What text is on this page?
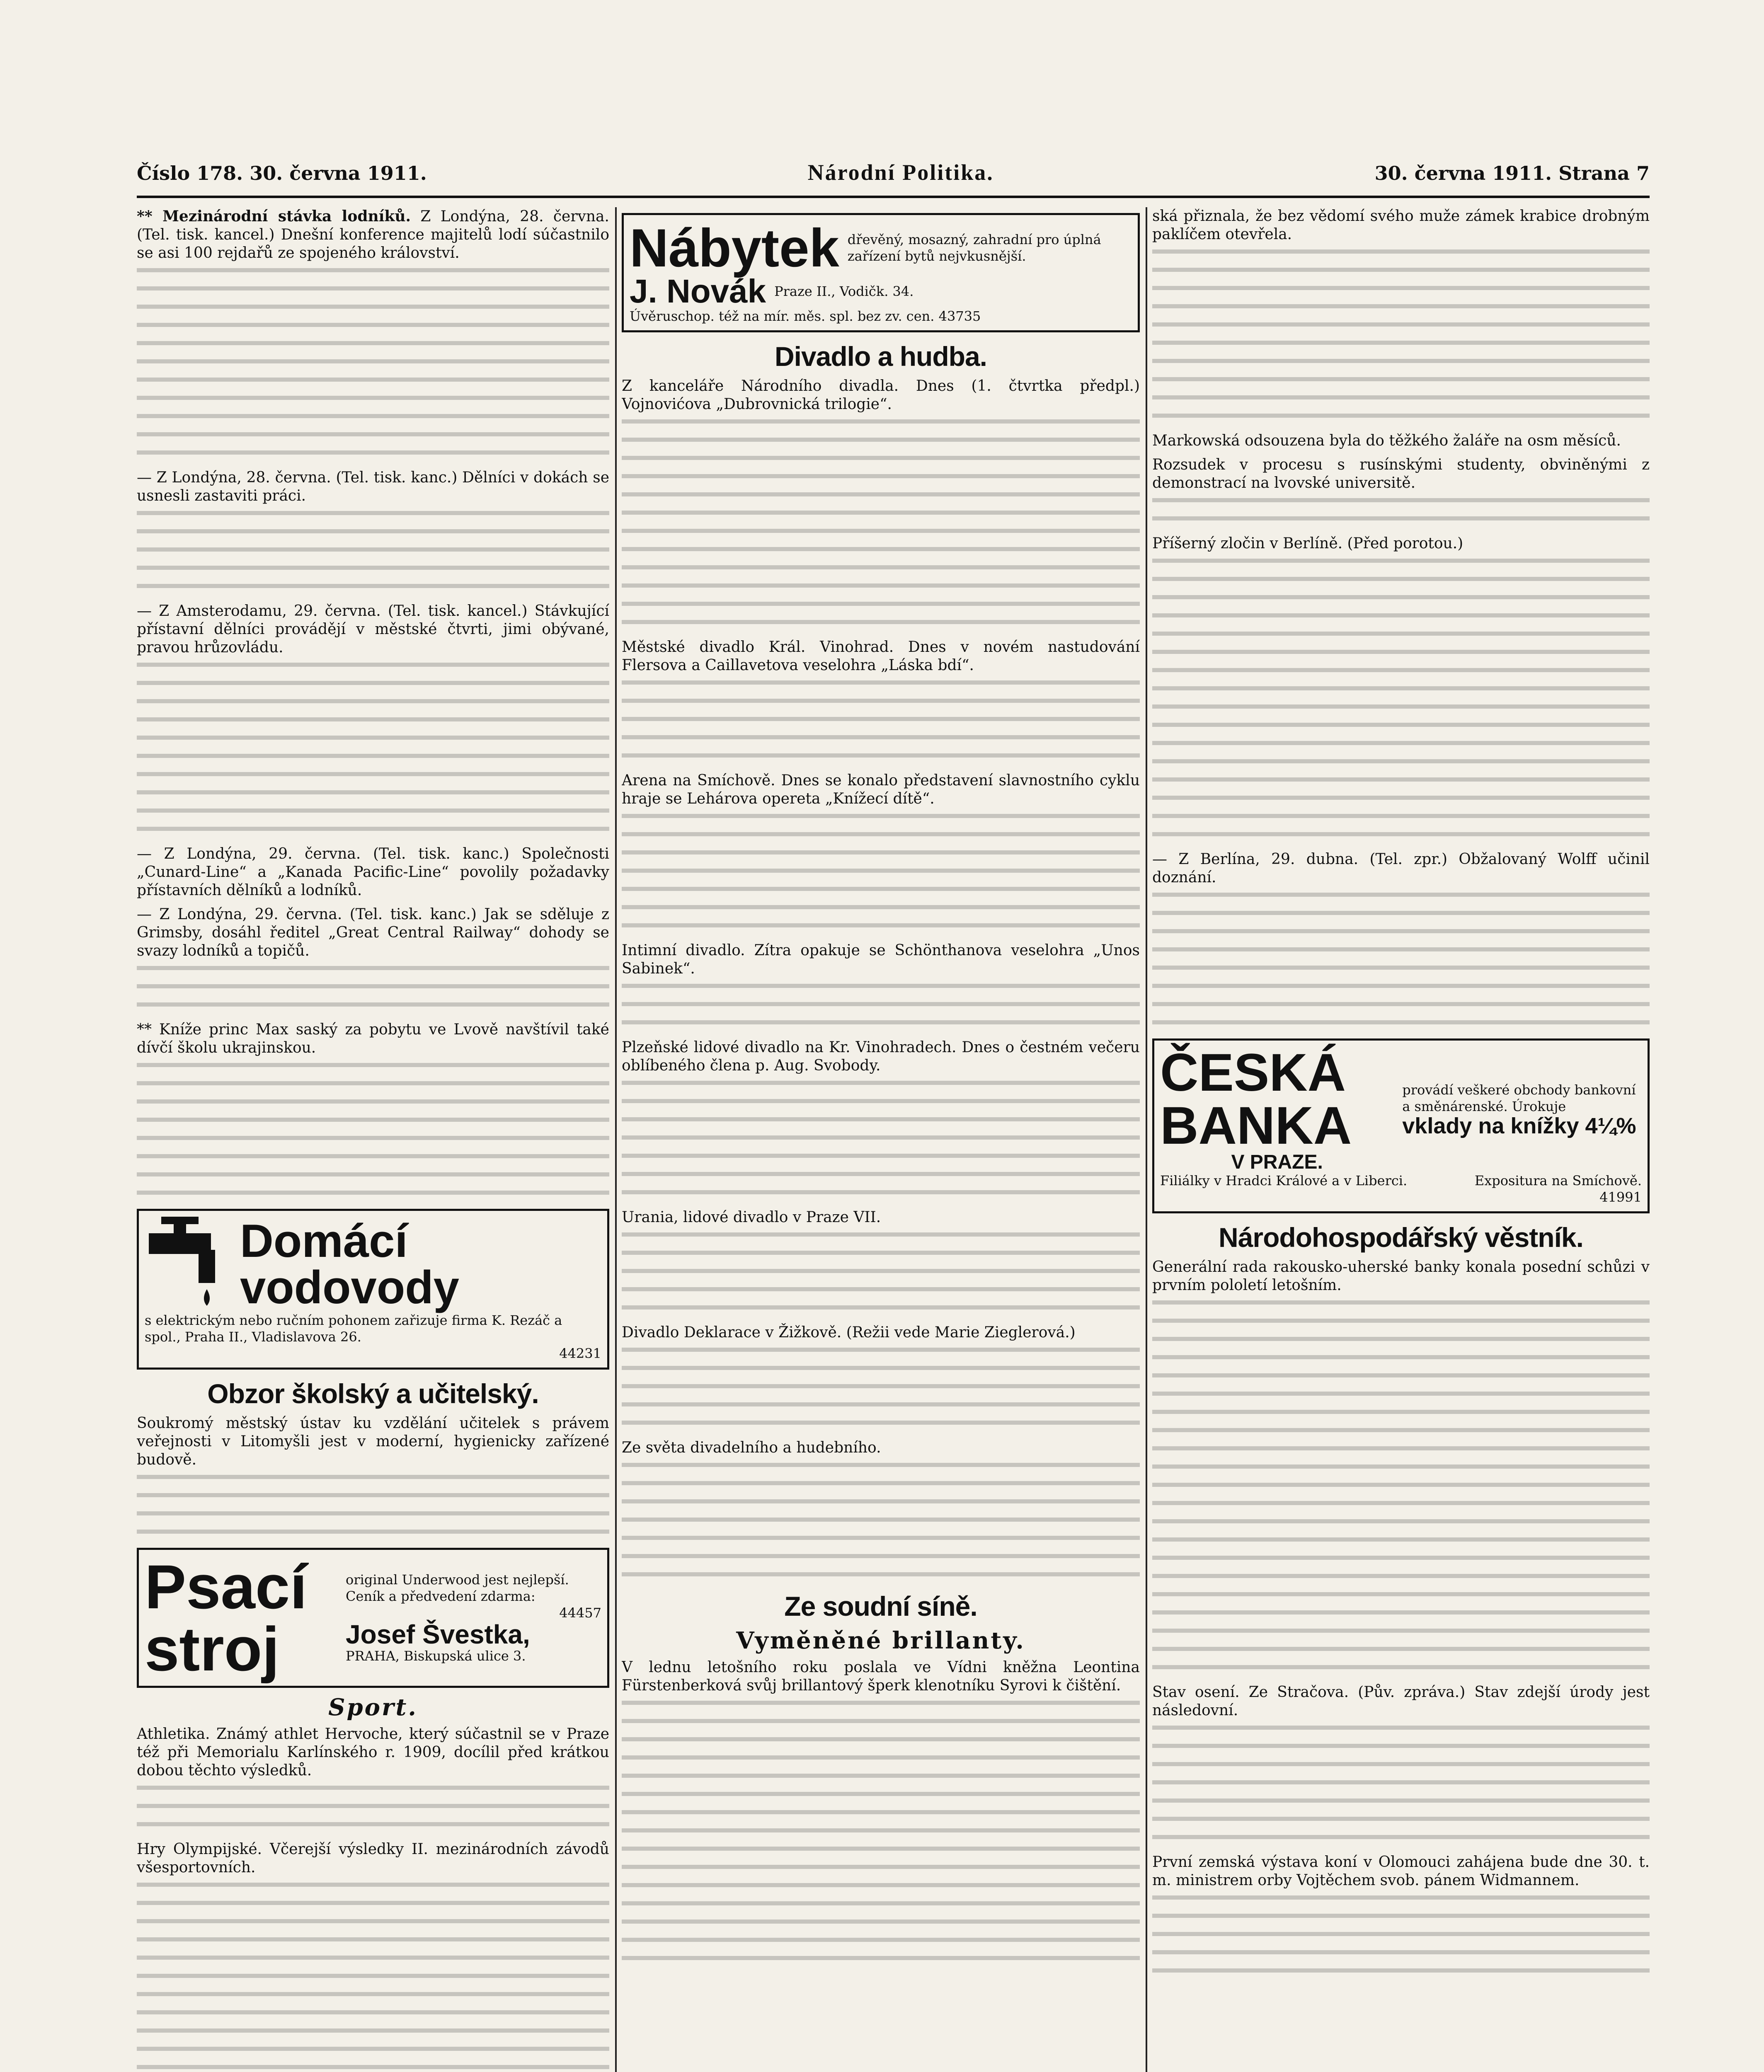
Číslo 178. 30. června 1911.	Národní Politika.	30. června 1911. Strana 7

** Mezinárodní stávka lodníků. Z Londýna, 28. června. (Tel. tisk. kancel.) Dnešní konference majitelů lodí súčastnilo se asi 100 rejdařů ze spojeného království.

— Z Londýna, 28. června. (Tel. tisk. kanc.) Dělníci v dokách se usnesli zastaviti práci.

— Z Amsterodamu, 29. června. (Tel. tisk. kancel.) Stávkující přístavní dělníci provádějí v městské čtvrti, jimi obývané, pravou hrůzovládu.

— Z Londýna, 29. června. (Tel. tisk. kanc.) Společnosti „Cunard-Line“ a „Kanada Pacific-Line“ povolily požadavky přístavních dělníků a lodníků.

— Z Londýna, 29. června. (Tel. tisk. kanc.) Jak se sděluje z Grimsby, dosáhl ředitel „Great Central Railway“ dohody se svazy lodníků a topičů.

** Kníže princ Max saský za pobytu ve Lvově navštívil také dívčí školu ukrajinskou.

Domácí vodovody
s elektrickým nebo ručním pohonem zařizuje firma K. Rezáč a spol., Praha II., Vladislavova 26.
44231
Obzor školský a učitelský.

Soukromý městský ústav ku vzdělání učitelek s právem veřejnosti v Litomyšli jest v moderní, hygienicky zařízené budově.

Psací stroj
original Underwood jest nejlepší. Ceník a předvedení zdarma:
44457
Josef Švestka,
PRAHA, Biskupská ulice 3.
Sport.

Athletika. Známý athlet Hervoche, který súčastnil se v Praze též při Memorialu Karlínského r. 1909, docílil před krátkou dobou těchto výsledků.

Hry Olympijské. Včerejší výsledky II. mezinárodních závodů všesportovních.

Nábytek dřevěný, mosazný, zahradní pro úplná zařízení bytů nejvkusnější.
J. Novák Praze II., Vodičk. 34.
Úvěruschop. též na mír. měs. spl. bez zv. cen. 43735
Divadlo a hudba.

Z kanceláře Národního divadla. Dnes (1. čtvrtka předpl.) Vojnovićova „Dubrovnická trilogie“.

Městské divadlo Král. Vinohrad. Dnes v novém nastudování Flersova a Caillavetova veselohra „Láska bdí“.

Arena na Smíchově. Dnes se konalo představení slavnostního cyklu hraje se Lehárova opereta „Knížecí dítě“.

Intimní divadlo. Zítra opakuje se Schönthanova veselohra „Unos Sabinek“.

Plzeňské lidové divadlo na Kr. Vinohradech. Dnes o čestném večeru oblíbeného člena p. Aug. Svobody.

Urania, lidové divadlo v Praze VII.

Divadlo Deklarace v Žižkově. (Režii vede Marie Zieglerová.)

Ze světa divadelního a hudebního.

Ze soudní síně.
Vyměněné brillanty.

V lednu letošního roku poslala ve Vídni kněžna Leontina Fürstenberková svůj brillantový šperk klenotníku Syrovi k čištění.

ská přiznala, že bez vědomí svého muže zámek krabice drobným paklíčem otevřela.

Markowská odsouzena byla do těžkého žaláře na osm měsíců.

Rozsudek v procesu s rusínskými studenty, obviněnými z demonstrací na lvovské universitě.

Příšerný zločin v Berlíně. (Před porotou.)

— Z Berlína, 29. dubna. (Tel. zpr.) Obžalovaný Wolff učinil doznání.

ČESKÁ BANKA
V PRAZE.
provádí veškeré obchody bankovní a směnárenské. Úrokuje
vklady na knížky 4¼%
Filiálky v Hradci Králové a v Liberci.	Expositura na Smíchově.
41991
Národohospodářský věstník.

Generální rada rakousko-uherské banky konala posední schůzi v prvním pololetí letošním.

Stav osení. Ze Stračova. (Pův. zpráva.) Stav zdejší úrody jest následovní.

První zemská výstava koní v Olomouci zahájena bude dne 30. t. m. ministrem orby Vojtěchem svob. pánem Widmannem.
